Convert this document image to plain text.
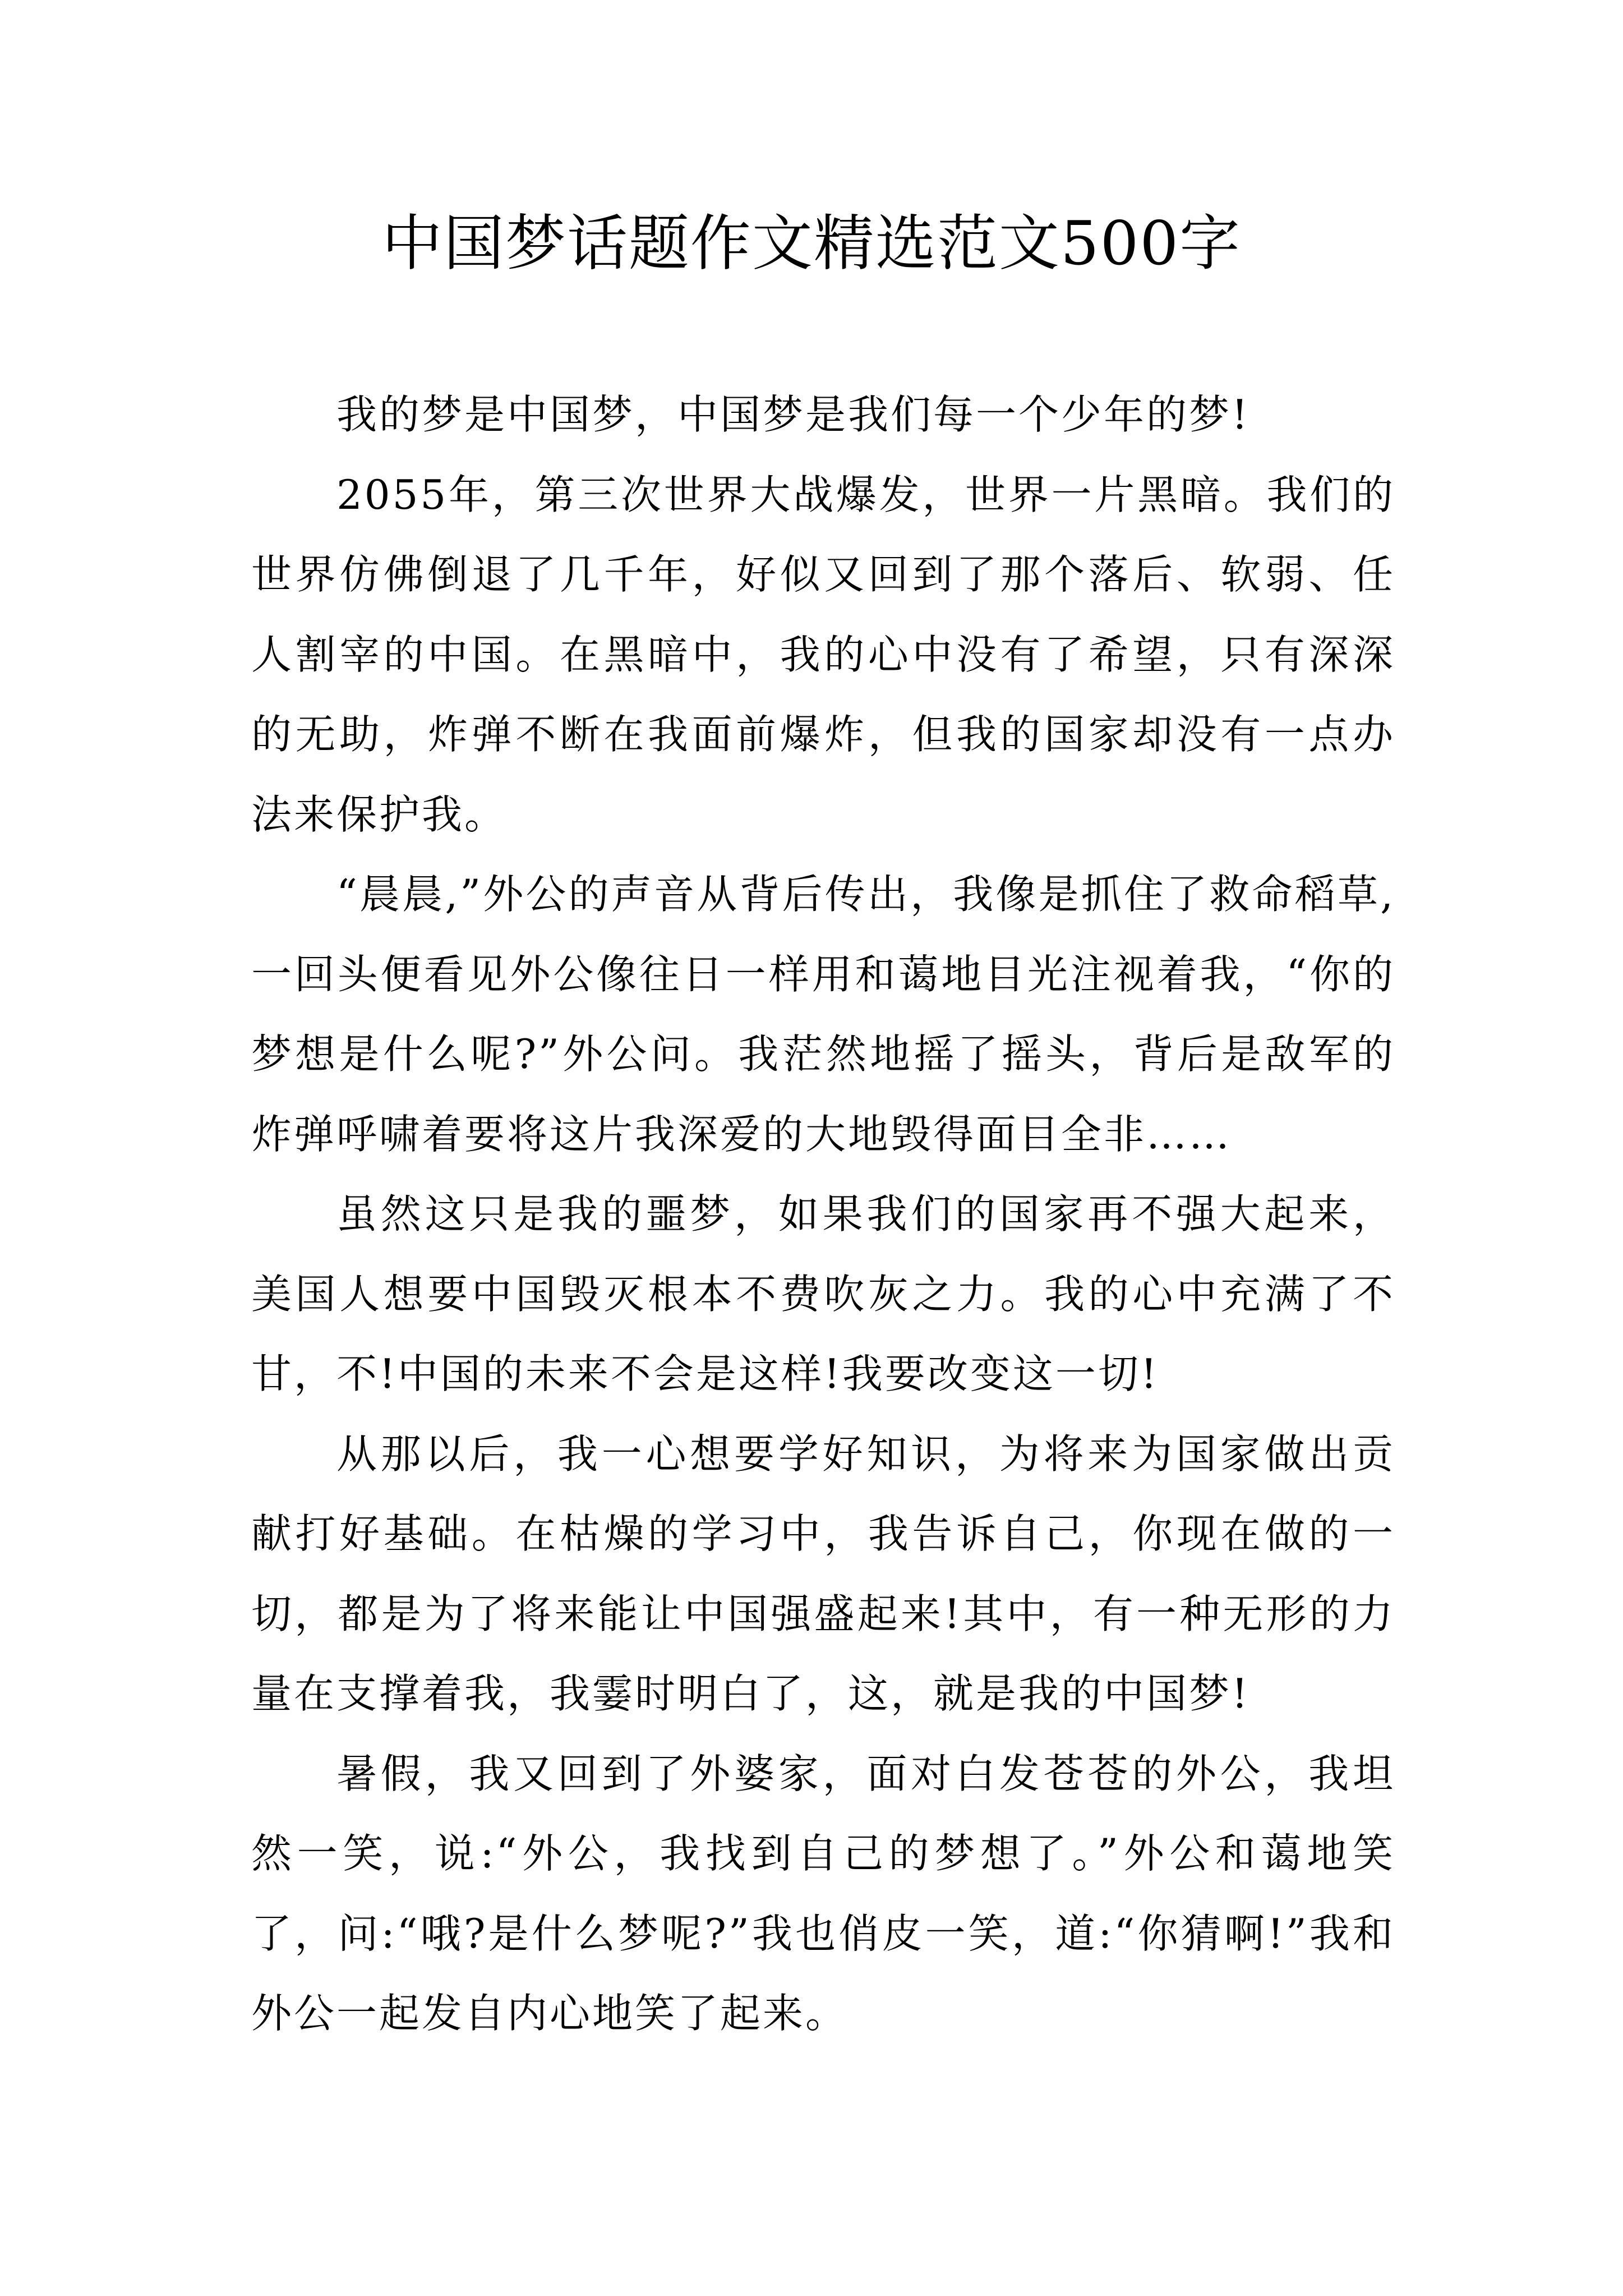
中国梦话题作文精选范文500字

我的梦是中国梦，中国梦是我们每一个少年的梦!

2055年，第三次世界大战爆发，世界一片黑暗。我们的世界仿佛倒退了几千年，好似又回到了那个落后、软弱、任人割宰的中国。在黑暗中，我的心中没有了希望，只有深深的无助，炸弹不断在我面前爆炸，但我的国家却没有一点办法来保护我。

“晨晨,”外公的声音从背后传出，我像是抓住了救命稻草,一回头便看见外公像往日一样用和蔼地目光注视着我，“你的梦想是什么呢?”外公问。我茫然地摇了摇头，背后是敌军的炸弹呼啸着要将这片我深爱的大地毁得面目全非……

虽然这只是我的噩梦，如果我们的国家再不强大起来，美国人想要中国毁灭根本不费吹灰之力。我的心中充满了不甘，不!中国的未来不会是这样!我要改变这一切!

从那以后，我一心想要学好知识，为将来为国家做出贡献打好基础。在枯燥的学习中，我告诉自己，你现在做的一切，都是为了将来能让中国强盛起来!其中，有一种无形的力量在支撑着我，我霎时明白了，这，就是我的中国梦!

暑假，我又回到了外婆家，面对白发苍苍的外公，我坦然一笑，说:“外公，我找到自己的梦想了。”外公和蔼地笑了，问:“哦?是什么梦呢?”我也俏皮一笑，道:“你猜啊!”我和外公一起发自内心地笑了起来。
